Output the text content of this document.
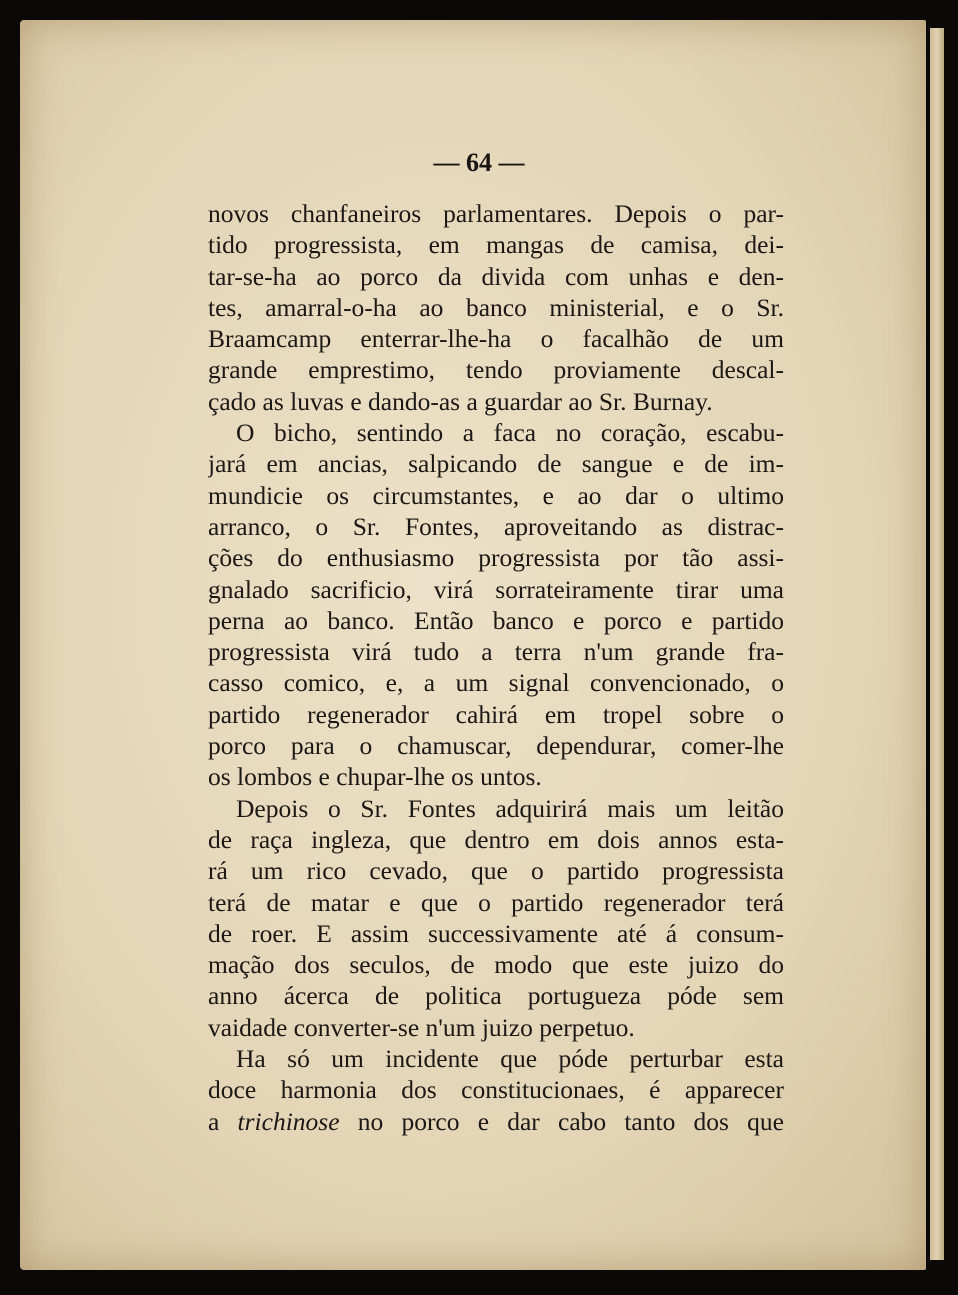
— 64 —
novos chanfaneiros parlamentares. Depois o par-
tido progressista, em mangas de camisa, dei-
tar-se-ha ao porco da divida com unhas e den-
tes, amarral-o-ha ao banco ministerial, e o Sr.
Braamcamp enterrar-lhe-ha o facalhão de um
grande emprestimo, tendo proviamente descal-
çado as luvas e dando-as a guardar ao Sr. Burnay.
O bicho, sentindo a faca no coração, escabu-
jará em ancias, salpicando de sangue e de im-
mundicie os circumstantes, e ao dar o ultimo
arranco, o Sr. Fontes, aproveitando as distrac-
ções do enthusiasmo progressista por tão assi-
gnalado sacrificio, virá sorrateiramente tirar uma
perna ao banco. Então banco e porco e partido
progressista virá tudo a terra n'um grande fra-
casso comico, e, a um signal convencionado, o
partido regenerador cahirá em tropel sobre o
porco para o chamuscar, dependurar, comer-lhe
os lombos e chupar-lhe os untos.
Depois o Sr. Fontes adquirirá mais um leitão
de raça ingleza, que dentro em dois annos esta-
rá um rico cevado, que o partido progressista
terá de matar e que o partido regenerador terá
de roer. E assim successivamente até á consum-
mação dos seculos, de modo que este juizo do
anno ácerca de politica portugueza póde sem
vaidade converter-se n'um juizo perpetuo.
Ha só um incidente que póde perturbar esta
doce harmonia dos constitucionaes, é apparecer
a trichinose no porco e dar cabo tanto dos que
